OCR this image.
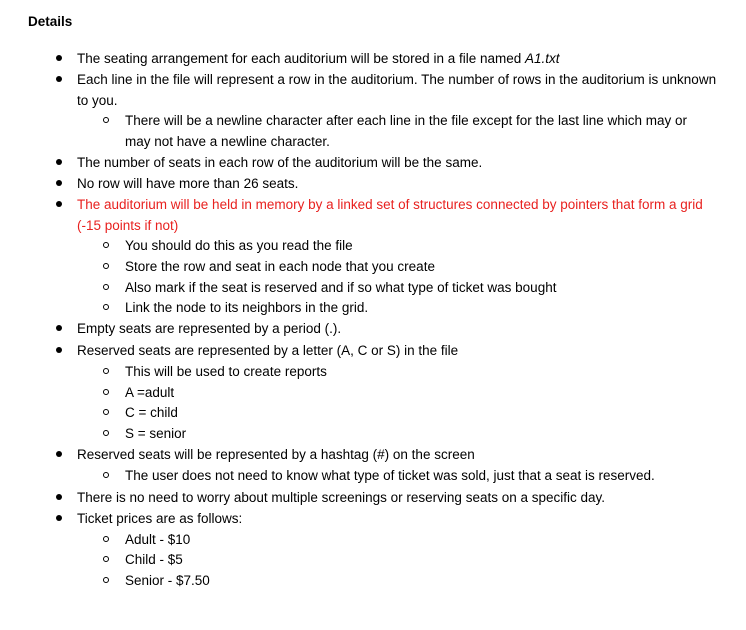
Details
The seating arrangement for each auditorium will be stored in a file named A1.txt
Each line in the file will represent a row in the auditorium. The number of rows in the auditorium is unknown to you.
There will be a newline character after each line in the file except for the last line which may or may not have a newline character.
The number of seats in each row of the auditorium will be the same.
No row will have more than 26 seats.
The auditorium will be held in memory by a linked set of structures connected by pointers that form a grid (-15 points if not)
You should do this as you read the file
Store the row and seat in each node that you create
Also mark if the seat is reserved and if so what type of ticket was bought
Link the node to its neighbors in the grid.
Empty seats are represented by a period (.).
Reserved seats are represented by a letter (A, C or S) in the file
This will be used to create reports
A =adult
C = child
S = senior
Reserved seats will be represented by a hashtag (#) on the screen
The user does not need to know what type of ticket was sold, just that a seat is reserved.
There is no need to worry about multiple screenings or reserving seats on a specific day.
Ticket prices are as follows:
Adult - $10
Child - $5
Senior - $7.50
